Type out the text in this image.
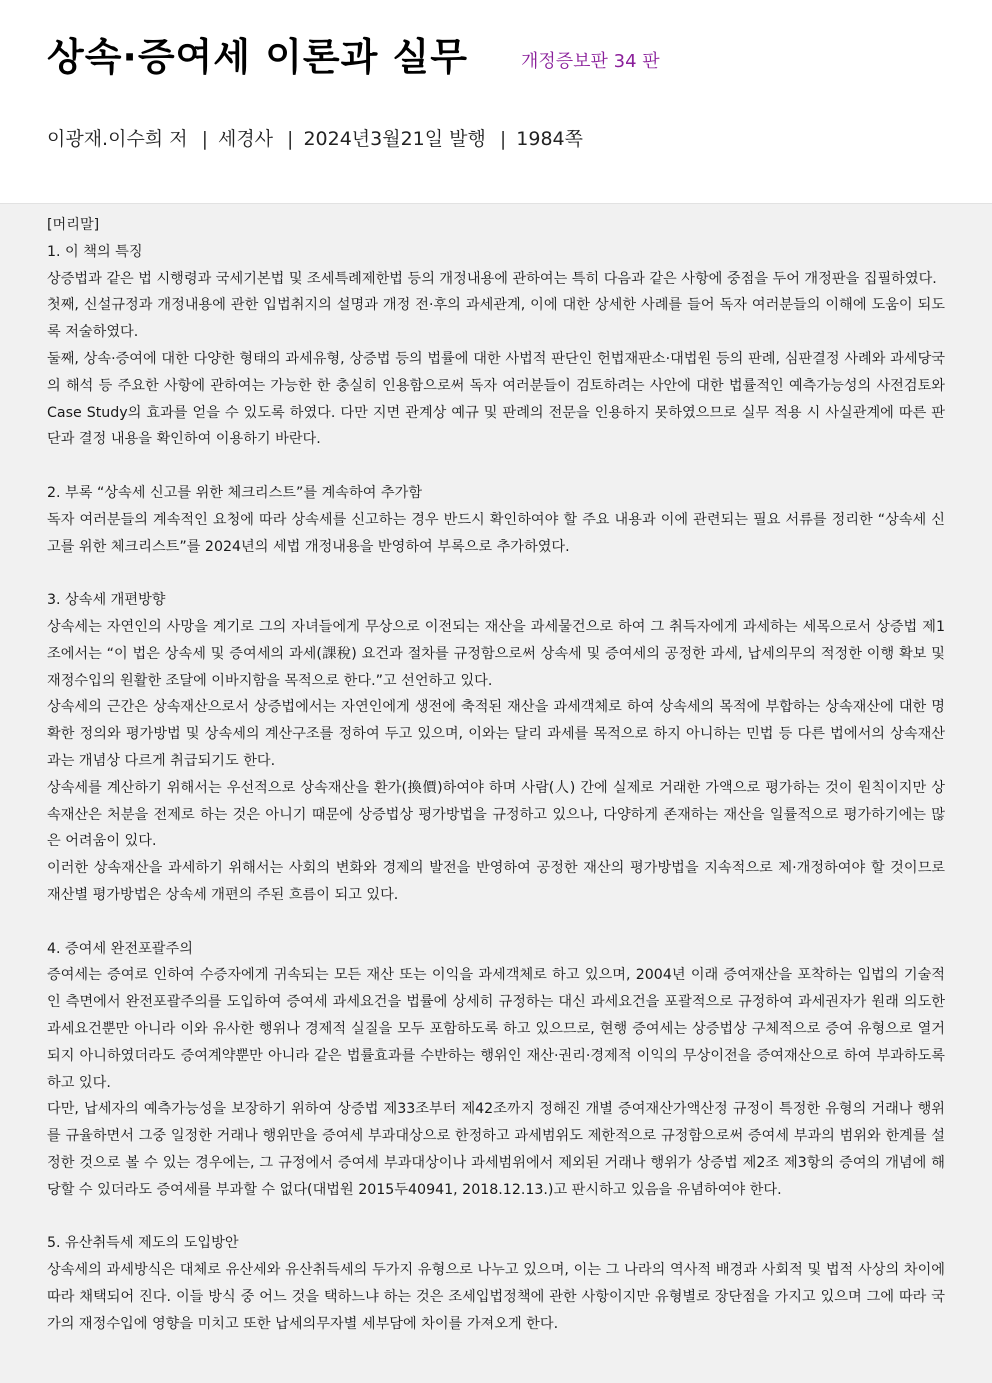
상속·증여세 이론과 실무	개정증보판 34 판
이광재.이수희 저 | 세경사 | 2024년3월21일 발행 | 1984쪽
[머리말]
1. 이 책의 특징
상증법과 같은 법 시행령과 국세기본법 및 조세특례제한법 등의 개정내용에 관하여는 특히 다음과 같은 사항에 중점을 두어 개정판을 집필하였다.
첫째, 신설규정과 개정내용에 관한 입법취지의 설명과 개정 전·후의 과세관계, 이에 대한 상세한 사례를 들어 독자 여러분들의 이해에 도움이 되도록 저술하였다.
둘째, 상속·증여에 대한 다양한 형태의 과세유형, 상증법 등의 법률에 대한 사법적 판단인 헌법재판소·대법원 등의 판례, 심판결정 사례와 과세당국의 해석 등 주요한 사항에 관하여는 가능한 한 충실히 인용함으로써 독자 여러분들이 검토하려는 사안에 대한 법률적인 예측가능성의 사전검토와 Case Study의 효과를 얻을 수 있도록 하였다. 다만 지면 관계상 예규 및 판례의 전문을 인용하지 못하였으므로 실무 적용 시 사실관계에 따른 판단과 결정 내용을 확인하여 이용하기 바란다.
2. 부록 “상속세 신고를 위한 체크리스트”를 계속하여 추가함
독자 여러분들의 계속적인 요청에 따라 상속세를 신고하는 경우 반드시 확인하여야 할 주요 내용과 이에 관련되는 필요 서류를 정리한 “상속세 신고를 위한 체크리스트”를 2024년의 세법 개정내용을 반영하여 부록으로 추가하였다.
3. 상속세 개편방향
상속세는 자연인의 사망을 계기로 그의 자녀들에게 무상으로 이전되는 재산을 과세물건으로 하여 그 취득자에게 과세하는 세목으로서 상증법 제1조에서는 “이 법은 상속세 및 증여세의 과세(課稅) 요건과 절차를 규정함으로써 상속세 및 증여세의 공정한 과세, 납세의무의 적정한 이행 확보 및 재정수입의 원활한 조달에 이바지함을 목적으로 한다.”고 선언하고 있다.
상속세의 근간은 상속재산으로서 상증법에서는 자연인에게 생전에 축적된 재산을 과세객체로 하여 상속세의 목적에 부합하는 상속재산에 대한 명확한 정의와 평가방법 및 상속세의 계산구조를 정하여 두고 있으며, 이와는 달리 과세를 목적으로 하지 아니하는 민법 등 다른 법에서의 상속재산과는 개념상 다르게 취급되기도 한다.
상속세를 계산하기 위해서는 우선적으로 상속재산을 환가(換價)하여야 하며 사람(人) 간에 실제로 거래한 가액으로 평가하는 것이 원칙이지만 상속재산은 처분을 전제로 하는 것은 아니기 때문에 상증법상 평가방법을 규정하고 있으나, 다양하게 존재하는 재산을 일률적으로 평가하기에는 많은 어려움이 있다.
이러한 상속재산을 과세하기 위해서는 사회의 변화와 경제의 발전을 반영하여 공정한 재산의 평가방법을 지속적으로 제·개정하여야 할 것이므로 재산별 평가방법은 상속세 개편의 주된 흐름이 되고 있다.
4. 증여세 완전포괄주의
증여세는 증여로 인하여 수증자에게 귀속되는 모든 재산 또는 이익을 과세객체로 하고 있으며, 2004년 이래 증여재산을 포착하는 입법의 기술적인 측면에서 완전포괄주의를 도입하여 증여세 과세요건을 법률에 상세히 규정하는 대신 과세요건을 포괄적으로 규정하여 과세권자가 원래 의도한 과세요건뿐만 아니라 이와 유사한 행위나 경제적 실질을 모두 포함하도록 하고 있으므로, 현행 증여세는 상증법상 구체적으로 증여 유형으로 열거되지 아니하였더라도 증여계약뿐만 아니라 같은 법률효과를 수반하는 행위인 재산·권리·경제적 이익의 무상이전을 증여재산으로 하여 부과하도록 하고 있다.
다만, 납세자의 예측가능성을 보장하기 위하여 상증법 제33조부터 제42조까지 정해진 개별 증여재산가액산정 규정이 특정한 유형의 거래나 행위를 규율하면서 그중 일정한 거래나 행위만을 증여세 부과대상으로 한정하고 과세범위도 제한적으로 규정함으로써 증여세 부과의 범위와 한계를 설정한 것으로 볼 수 있는 경우에는, 그 규정에서 증여세 부과대상이나 과세범위에서 제외된 거래나 행위가 상증법 제2조 제3항의 증여의 개념에 해당할 수 있더라도 증여세를 부과할 수 없다(대법원 2015두40941, 2018.12.13.)고 판시하고 있음을 유념하여야 한다.
5. 유산취득세 제도의 도입방안
상속세의 과세방식은 대체로 유산세와 유산취득세의 두가지 유형으로 나누고 있으며, 이는 그 나라의 역사적 배경과 사회적 및 법적 사상의 차이에 따라 채택되어 진다. 이들 방식 중 어느 것을 택하느냐 하는 것은 조세입법정책에 관한 사항이지만 유형별로 장단점을 가지고 있으며 그에 따라 국가의 재정수입에 영향을 미치고 또한 납세의무자별 세부담에 차이를 가져오게 한다.
